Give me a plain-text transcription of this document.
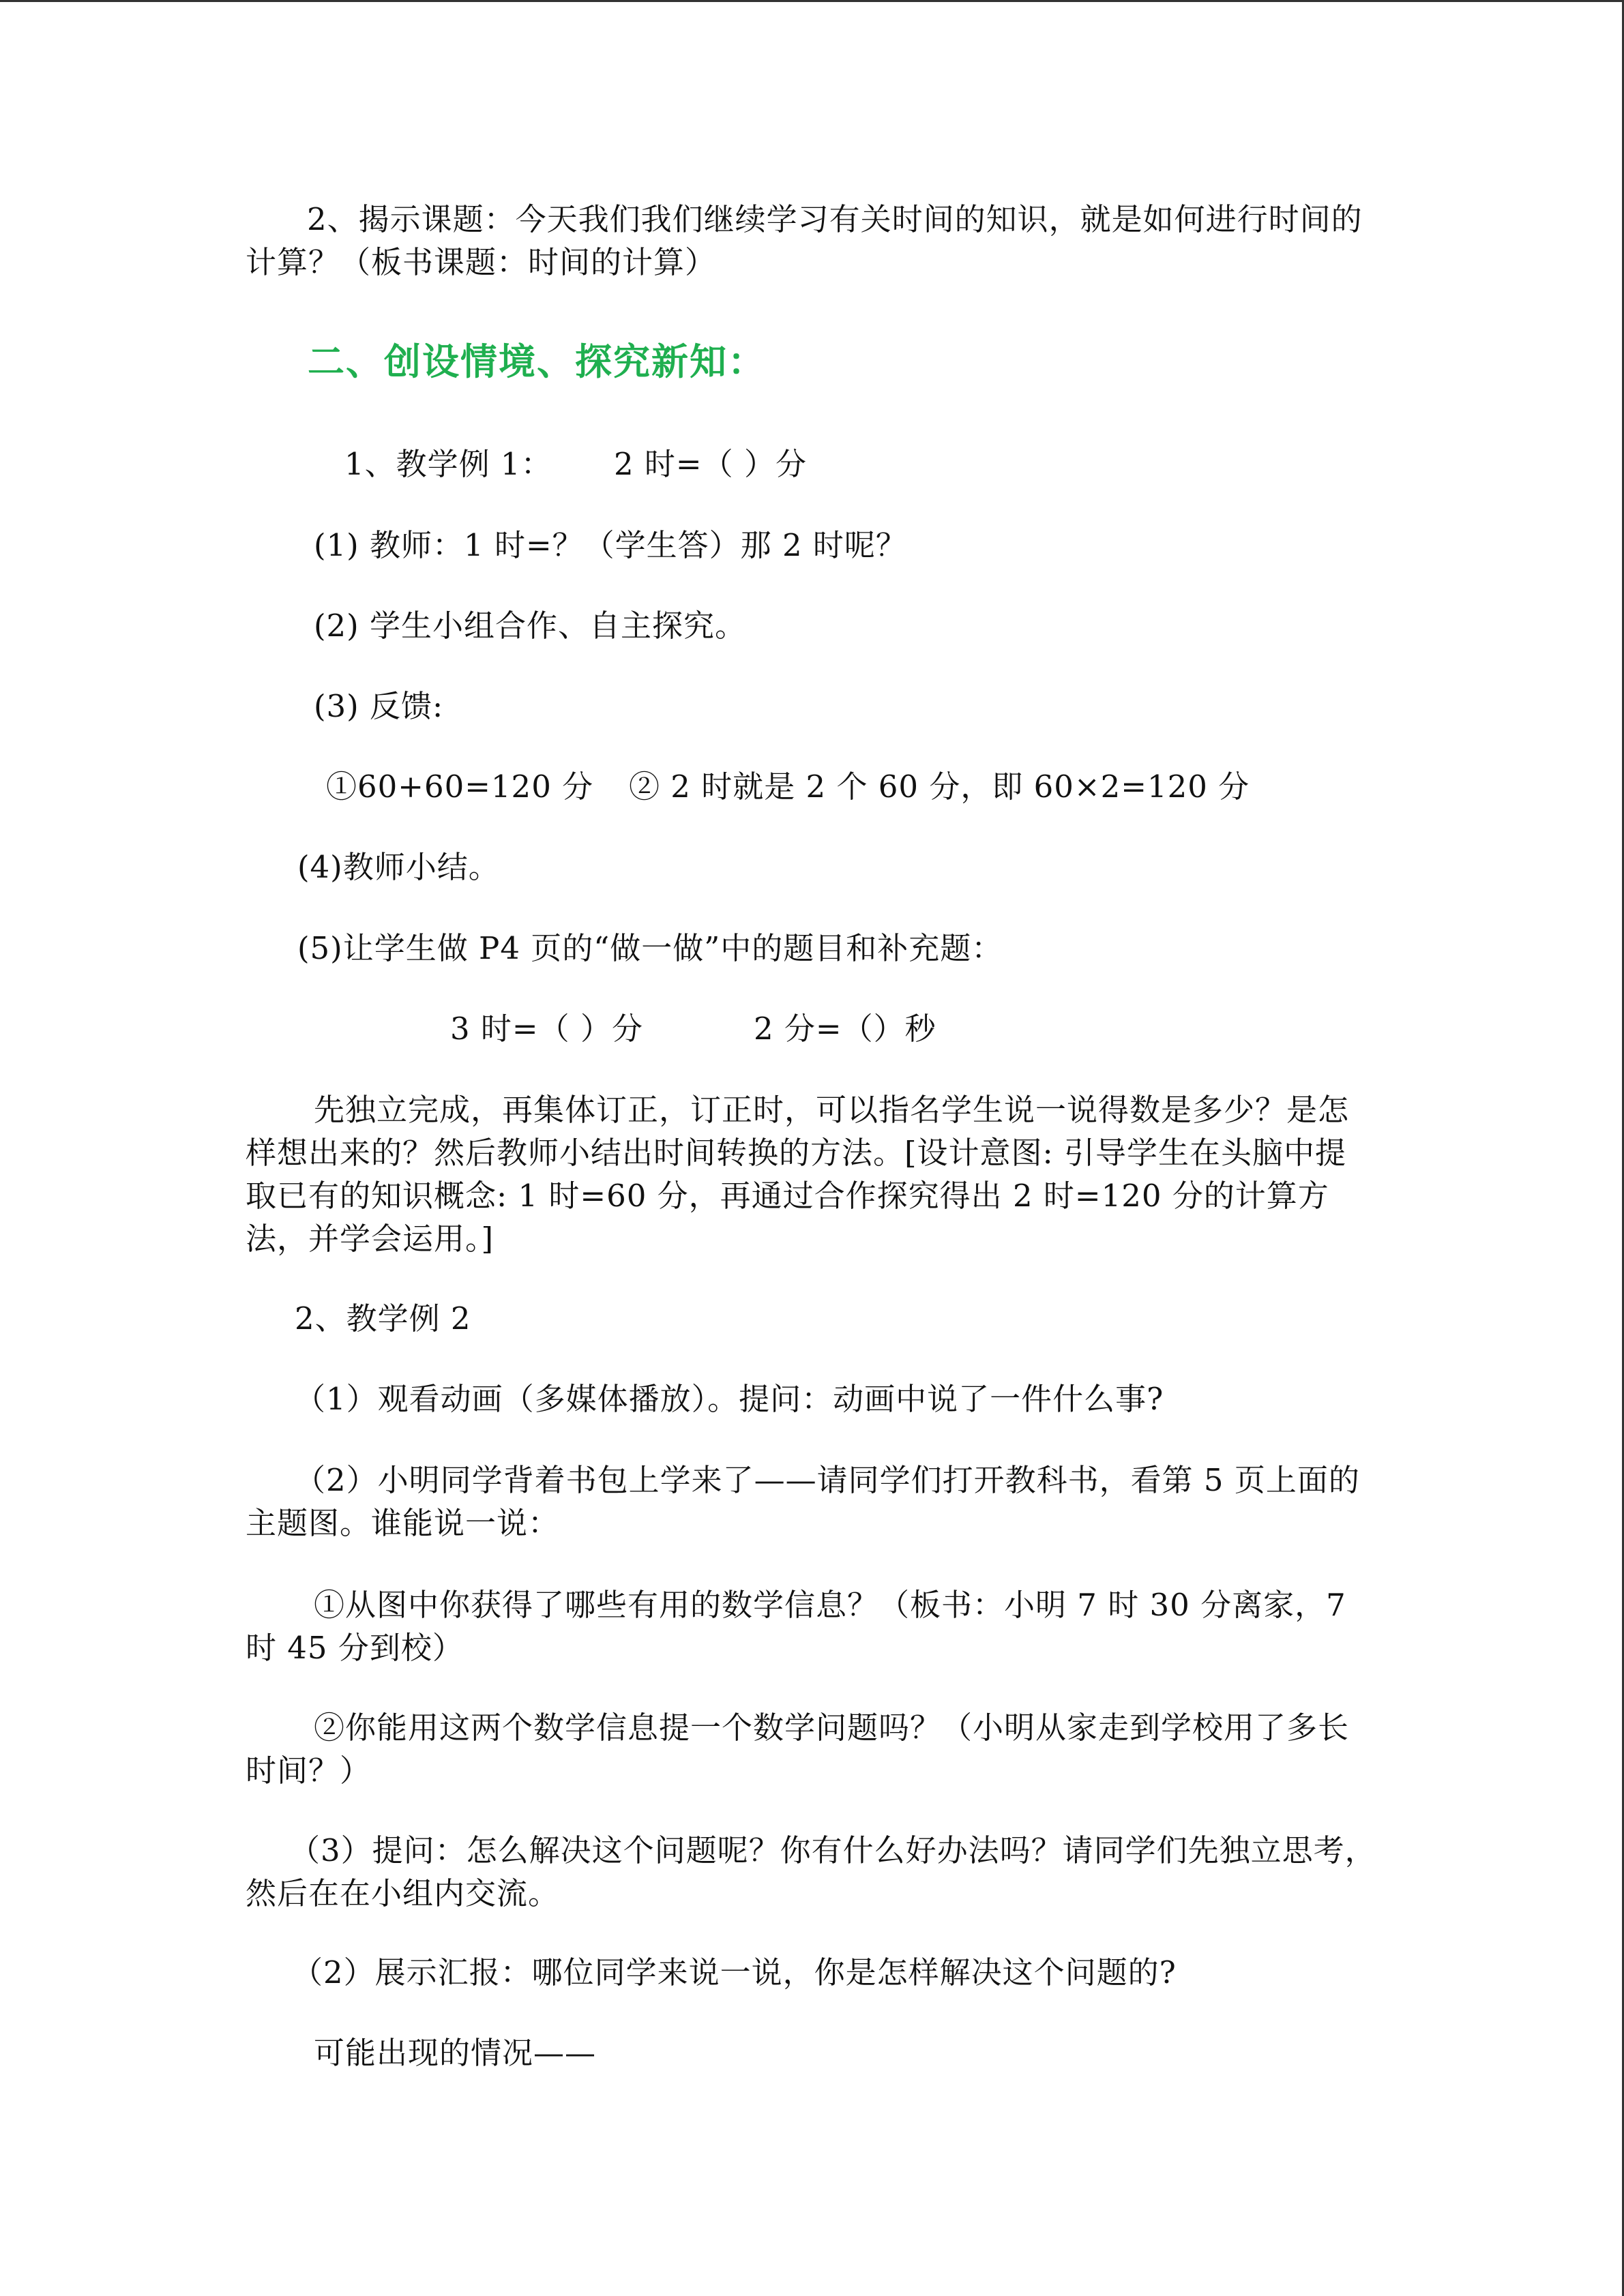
2、揭示课题：今天我们我们继续学习有关时间的知识，就是如何进行时间的计算？（板书课题：时间的计算）
二、创设情境、探究新知：
1、教学例 1： 2 时=（ ）分
(1) 教师：1 时=？（学生答）那 2 时呢？
(2) 学生小组合作、自主探究。
(3) 反馈:
①60+60=120 分 ② 2 时就是 2 个 60 分，即 60×2=120 分
(4)教师小结。
(5)让学生做 P4 页的“做一做”中的题目和补充题：
3 时=（ ）分	2 分=（）秒
先独立完成，再集体订正，订正时，可以指名学生说一说得数是多少？是怎样想出来的？然后教师小结出时间转换的方法。[设计意图: 引导学生在头脑中提取已有的知识概念: 1 时=60 分，再通过合作探究得出 2 时=120 分的计算方法，并学会运用。]
2、教学例 2
（1）观看动画（多媒体播放）。提问：动画中说了一件什么事?
（2）小明同学背着书包上学来了——请同学们打开教科书，看第 5 页上面的主题图。谁能说一说：
①从图中你获得了哪些有用的数学信息？（板书：小明 7 时 30 分离家，7 时 45 分到校）
②你能用这两个数学信息提一个数学问题吗？（小明从家走到学校用了多长时间？）
（3）提问：怎么解决这个问题呢？你有什么好办法吗？请同学们先独立思考，然后在在小组内交流。
（2）展示汇报：哪位同学来说一说，你是怎样解决这个问题的?
可能出现的情况——
